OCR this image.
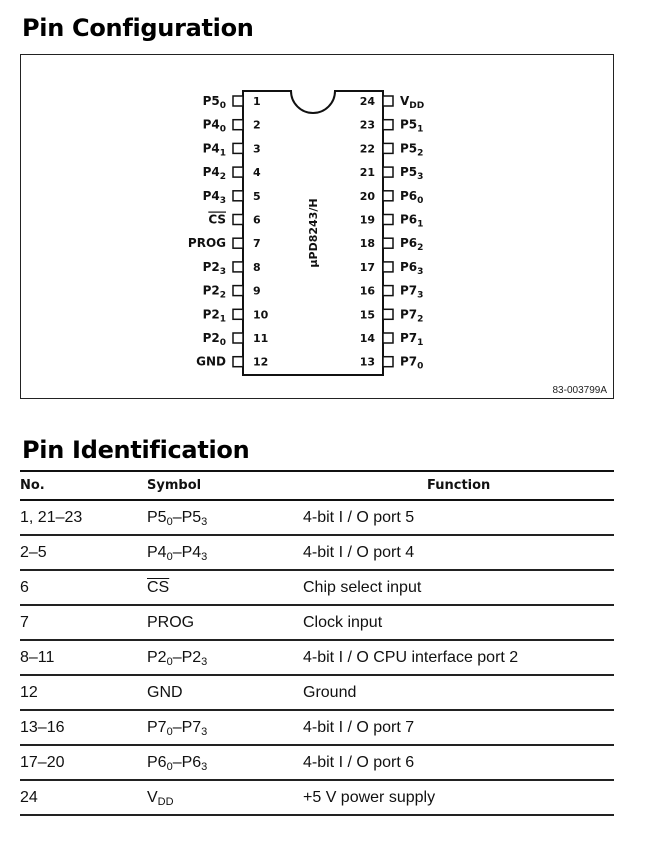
Pin Configuration
μPD8243/H
83-003799A
1
$P5_0$
2
$P4_0$
3
$P4_1$
4
$P4_2$
5
$P4_3$
6
CS
7
PROG
8
$P2_3$
9
$P2_2$
10
$P2_1$
11
$P2_0$
12
GND
24 $V_{DD}$
23 $P5_1$
22 $P5_2$
21 $P5_3$
20 $P6_0$
19 $P6_1$
18 $P6_2$
17 $P6_3$
16 $P7_3$
15 $P7_2$
14 $P7_1$
13 $P7_0$
Pin Identification
No.	Symbol	Function
1, 21–23	$P5_0-P5_3$	4-bit I / O port 5
2–5	$P4_0-P4_3$	4-bit I / O port 4
6	$\overline{CS}$	Chip select input
7	PROG	Clock input
8–11	$P2_0-P2_3$	4-bit I / O CPU interface port 2
12	GND	Ground
13–16	$P7_0-P7_3$	4-bit I / O port 7
17–20	$P6_0-P6_3$	4-bit I / O port 6
24	$V_{DD}$	+5 V power supply
